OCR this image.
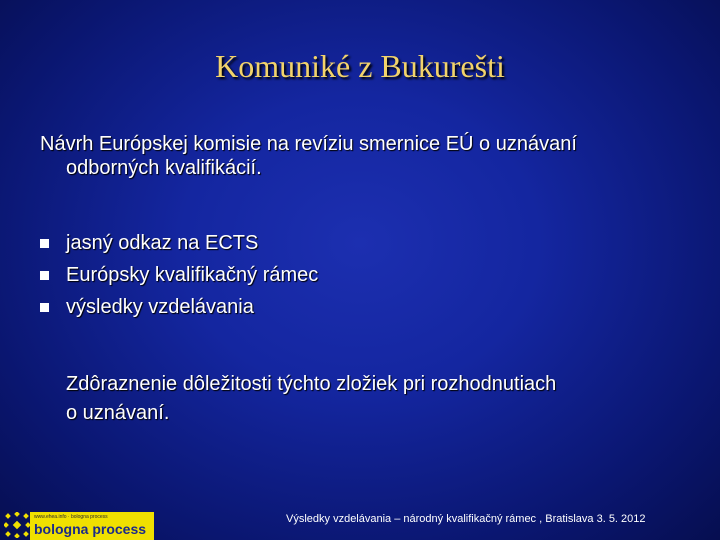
Komuniké z Bukurešti
Návrh Európskej komisie na revíziu smernice EÚ o uznávaní odborných kvalifikácií.
jasný odkaz na ECTS
Európsky kvalifikačný rámec
výsledky vzdelávania
Zdôraznenie dôležitosti týchto zložiek pri rozhodnutiach o uznávaní.
www.ehea.info · bologna process
bologna process
Výsledky vzdelávania – národný kvalifikačný rámec , Bratislava 3. 5. 2012
